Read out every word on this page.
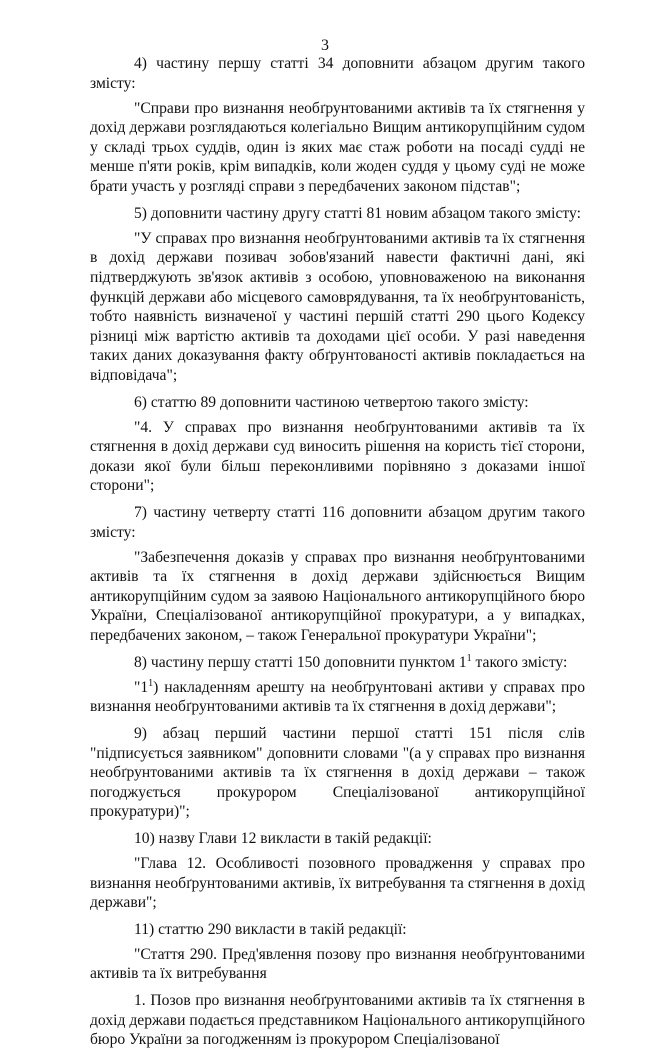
3

4) частину першу статті 34 доповнити абзацом другим такого змісту:

"Справи про визнання необґрунтованими активів та їх стягнення у дохід держави розглядаються колегіально Вищим антикорупційним судом у складі трьох суддів, один із яких має стаж роботи на посаді судді не менше п'яти років, крім випадків, коли жоден суддя у цьому суді не може брати участь у розгляді справи з передбачених законом підстав";

5) доповнити частину другу статті 81 новим абзацом такого змісту:

"У справах про визнання необґрунтованими активів та їх стягнення в дохід держави позивач зобов'язаний навести фактичні дані, які підтверджують зв'язок активів з особою, уповноваженою на виконання функцій держави або місцевого самоврядування, та їх необґрунтованість, тобто наявність визначеної у частині першій статті 290 цього Кодексу різниці між вартістю активів та доходами цієї особи. У разі наведення таких даних доказування факту обґрунтованості активів покладається на відповідача";

6) статтю 89 доповнити частиною четвертою такого змісту:

"4. У справах про визнання необґрунтованими активів та їх стягнення в дохід держави суд виносить рішення на користь тієї сторони, докази якої були більш переконливими порівняно з доказами іншої сторони";

7) частину четверту статті 116 доповнити абзацом другим такого змісту:

"Забезпечення доказів у справах про визнання необґрунтованими активів та їх стягнення в дохід держави здійснюється Вищим антикорупційним судом за заявою Національного антикорупційного бюро України, Спеціалізованої антикорупційної прокуратури, а у випадках, передбачених законом, – також Генеральної прокуратури України";

8) частину першу статті 150 доповнити пунктом $1^1$ такого змісту:

"$1^1$) накладенням арешту на необґрунтовані активи у справах про визнання необґрунтованими активів та їх стягнення в дохід держави";

9) абзац перший частини першої статті 151 після слів "підписується заявником" доповнити словами "(а у справах про визнання необґрунтованими активів та їх стягнення в дохід держави – також погоджується прокурором Спеціалізованої антикорупційної прокуратури)";

10) назву Глави 12 викласти в такій редакції:

"Глава 12. Особливості позовного провадження у справах про визнання необґрунтованими активів, їх витребування та стягнення в дохід держави";

11) статтю 290 викласти в такій редакції:

"Стаття 290. Пред'явлення позову про визнання необґрунтованими активів та їх витребування

1. Позов про визнання необґрунтованими активів та їх стягнення в дохід держави подається представником Національного антикорупційного бюро України за погодженням із прокурором Спеціалізованої
